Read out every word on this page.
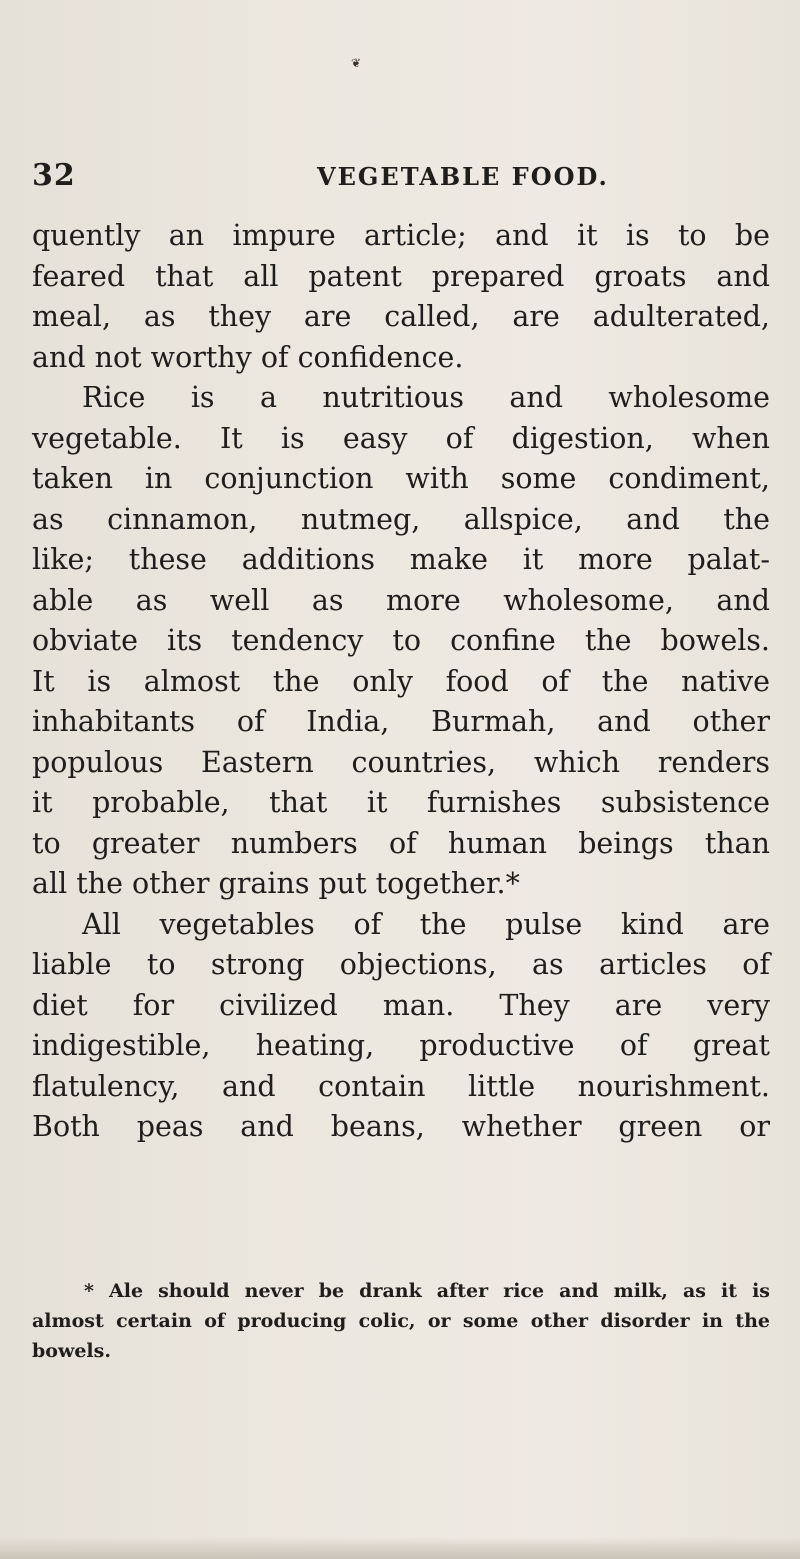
❦
32	VEGETABLE FOOD.
quently an impure article; and it is to be
feared that all patent prepared groats and
meal, as they are called, are adulterated,
and not worthy of confidence.
Rice is a nutritious and wholesome
vegetable. It is easy of digestion, when
taken in conjunction with some condiment,
as cinnamon, nutmeg, allspice, and the
like; these additions make it more palat-
able as well as more wholesome, and
obviate its tendency to confine the bowels.
It is almost the only food of the native
inhabitants of India, Burmah, and other
populous Eastern countries, which renders
it probable, that it furnishes subsistence
to greater numbers of human beings than
all the other grains put together.*
All vegetables of the pulse kind are
liable to strong objections, as articles of
diet for civilized man. They are very
indigestible, heating, productive of great
flatulency, and contain little nourishment.
Both peas and beans, whether green or
* Ale should never be drank after rice and milk, as it is
almost certain of producing colic, or some other disorder in the
bowels.
